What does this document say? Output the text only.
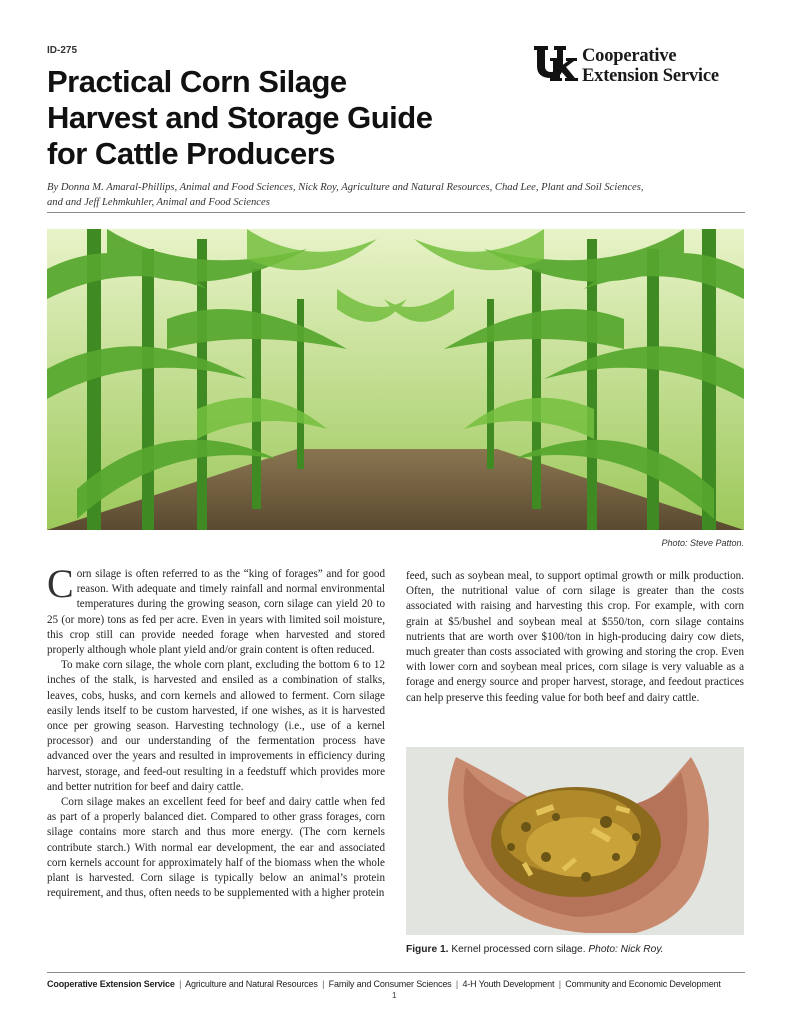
ID-275	Cooperative
Extension Service
Practical Corn Silage
Harvest and Storage Guide
for Cattle Producers

By Donna M. Amaral-Phillips, Animal and Food Sciences, Nick Roy, Agriculture and Natural Resources, Chad Lee, Plant and Soil Sciences,
and and Jeff Lehmkuhler, Animal and Food Sciences

Photo: Steve Patton.

Corn silage is often referred to as the “king of forages” and for good reason. With adequate and timely rainfall and normal environmental temperatures during the growing season, corn silage can yield 20 to 25 (or more) tons as fed per acre. Even in years with limited soil moisture, this crop still can provide needed forage when harvested and stored properly although whole plant yield and/or grain content is often reduced.

To make corn silage, the whole corn plant, excluding the bottom 6 to 12 inches of the stalk, is harvested and ensiled as a combination of stalks, leaves, cobs, husks, and corn kernels and allowed to ferment. Corn silage easily lends itself to be custom harvested, if one wishes, as it is harvested once per growing season. Harvesting technology (i.e., use of a kernel processor) and our understanding of the fermentation process have advanced over the years and resulted in improvements in efficiency during harvest, storage, and feed-out resulting in a feedstuff which provides more and better nutrition for beef and dairy cattle.

Corn silage makes an excellent feed for beef and dairy cattle when fed as part of a properly balanced diet. Compared to other grass forages, corn silage contains more starch and thus more energy. (The corn kernels contribute starch.) With normal ear development, the ear and associated corn kernels account for approximately half of the biomass when the whole plant is harvested. Corn silage is typically below an animal’s protein requirement, and thus, often needs to be supplemented with a higher protein

feed, such as soybean meal, to support optimal growth or milk production. Often, the nutritional value of corn silage is greater than the costs associated with raising and harvesting this crop. For example, with corn grain at $5/bushel and soybean meal at $550/ton, corn silage contains nutrients that are worth over $100/ton in high-producing dairy cow diets, much greater than costs associated with growing and storing the crop. Even with lower corn and soybean meal prices, corn silage is very valuable as a forage and energy source and proper harvest, storage, and feedout practices can help preserve this feeding value for both beef and dairy cattle.

Figure 1. Kernel processed corn silage. Photo: Nick Roy.
Cooperative Extension Service | Agriculture and Natural Resources | Family and Consumer Sciences | 4-H Youth Development | Community and Economic Development
1
